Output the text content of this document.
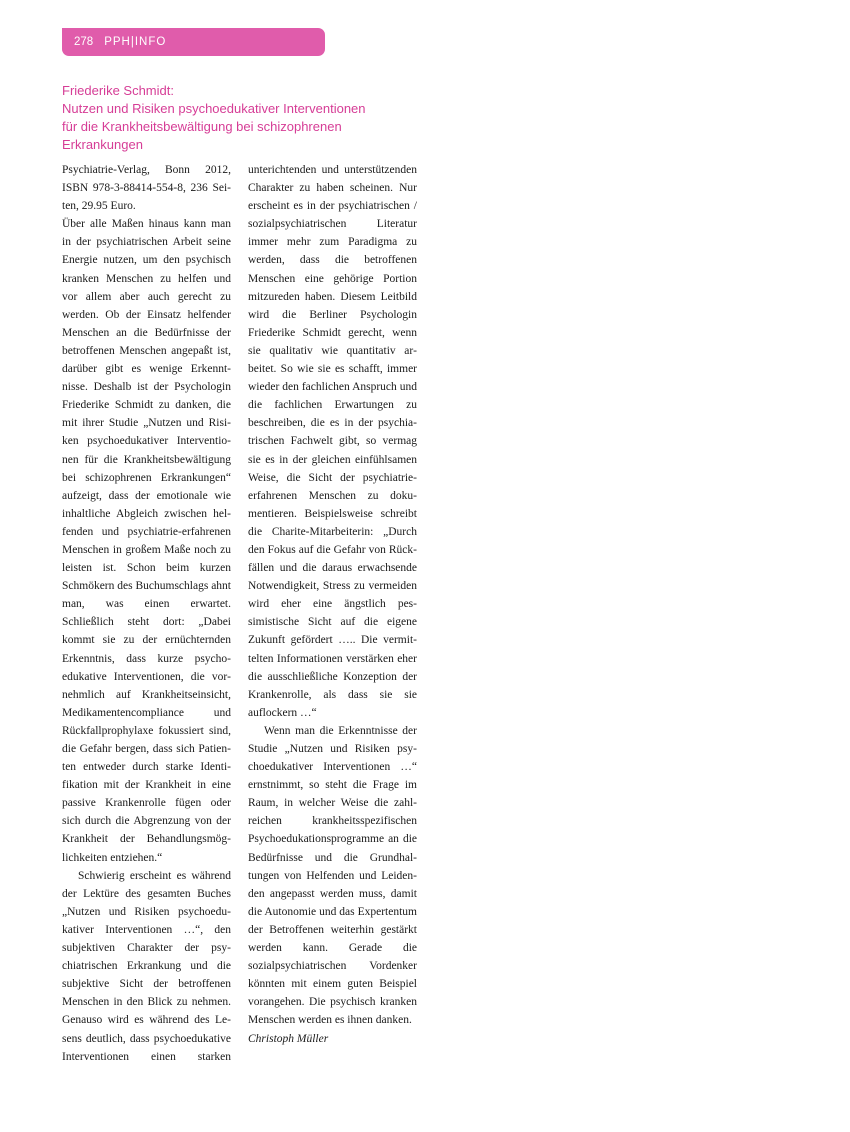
278 PPH|INFO
Friederike Schmidt:
Nutzen und Risiken psychoedukativer Interventionen
für die Krankheitsbewältigung bei schizophrenen
Erkrankungen

Psychiatrie-Verlag, Bonn 2012, ISBN 978-3-88414-554-8, 236 Seiten, 29.95 Euro.

Über alle Maßen hinaus kann man in der psychiatrischen Arbeit seine Energie nutzen, um den psychisch kranken Menschen zu helfen und vor allem aber auch gerecht zu werden. Ob der Einsatz helfender Menschen an die Bedürfnisse der betroffenen Menschen angepaßt ist, darüber gibt es wenige Erkenntnisse. Deshalb ist der Psychologin Friederike Schmidt zu danken, die mit ihrer Studie „Nutzen und Risiken psychoedukativer Interventionen für die Krankheitsbewältigung bei schizophrenen Erkrankungen“ aufzeigt, dass der emotionale wie inhaltliche Abgleich zwischen helfenden und psychiatrie-erfahrenen Menschen in großem Maße noch zu leisten ist. Schon beim kurzen Schmökern des Buchumschlags ahnt man, was einen erwartet. Schließlich steht dort: „Dabei kommt sie zu der ernüchternden Erkenntnis, dass kurze psychoedukative Interventionen, die vornehmlich auf Krankheitseinsicht, Medikamentencompliance und Rückfallprophylaxe fokussiert sind, die Gefahr bergen, dass sich Patienten entweder durch starke Identifikation mit der Krankheit in eine passive Krankenrolle fügen oder sich durch die Abgrenzung von der Krankheit der Behandlungsmöglichkeiten entziehen.“

Schwierig erscheint es während der Lektüre des gesamten Buches „Nutzen und Risiken psychoedukativer Interventionen …“, den subjektiven Charakter der psychiatrischen Erkrankung und die subjektive Sicht der betroffenen Menschen in den Blick zu nehmen. Genauso wird es während des Lesens deutlich, dass psychoedukative Interventionen einen starken

unterichtenden und unterstützenden Charakter zu haben scheinen. Nur erscheint es in der psychiatrischen / sozialpsychiatrischen Literatur immer mehr zum Paradigma zu werden, dass die betroffenen Menschen eine gehörige Portion mitzureden haben. Diesem Leitbild wird die Berliner Psychologin Friederike Schmidt gerecht, wenn sie qualitativ wie quantitativ arbeitet. So wie sie es schafft, immer wieder den fachlichen Anspruch und die fachlichen Erwartungen zu beschreiben, die es in der psychiatrischen Fachwelt gibt, so vermag sie es in der gleichen einfühlsamen Weise, die Sicht der psychiatrieerfahrenen Menschen zu dokumentieren. Beispielsweise schreibt die Charite-Mitarbeiterin: „Durch den Fokus auf die Gefahr von Rückfällen und die daraus erwachsende Notwendigkeit, Stress zu vermeiden wird eher eine ängstlich pessimistische Sicht auf die eigene Zukunft gefördert ….. Die vermittelten Informationen verstärken eher die ausschließliche Konzeption der Krankenrolle, als dass sie sie auflockern …“

Wenn man die Erkenntnisse der Studie „Nutzen und Risiken psychoedukativer Interventionen …“ ernstnimmt, so steht die Frage im Raum, in welcher Weise die zahlreichen krankheitsspezifischen Psychoedukationsprogramme an die Bedürfnisse und die Grundhaltungen von Helfenden und Leidenden angepasst werden muss, damit die Autonomie und das Expertentum der Betroffenen weiterhin gestärkt werden kann. Gerade die sozialpsychiatrischen Vordenker könnten mit einem guten Beispiel vorangehen. Die psychisch kranken Menschen werden es ihnen danken.

Christoph Müller
